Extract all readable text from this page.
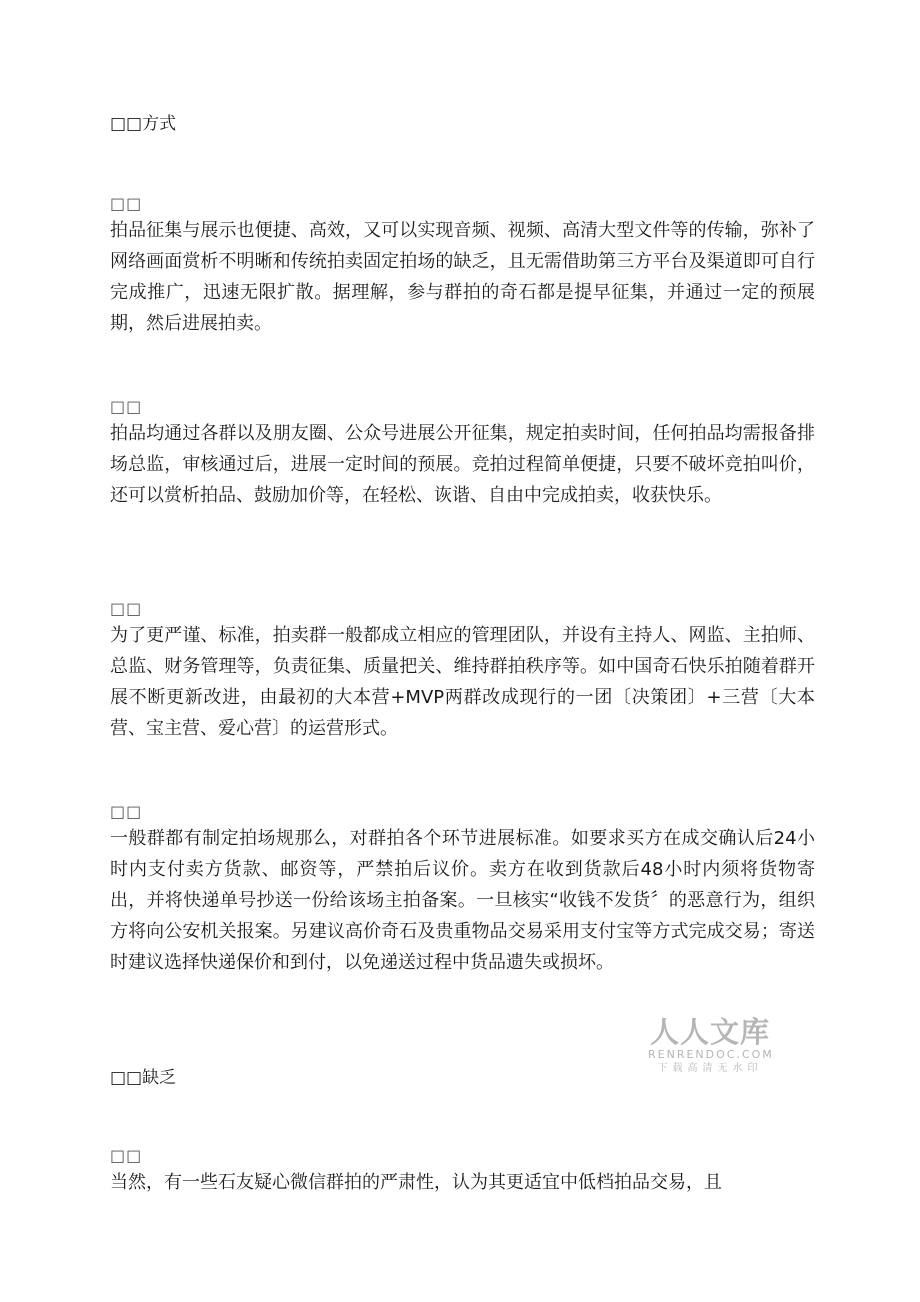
□□方式
□□

拍品征集与展示也便捷、高效，又可以实现音频、视频、高清大型文件等的传输，弥补了网络画面赏析不明晰和传统拍卖固定拍场的缺乏，且无需借助第三方平台及渠道即可自行完成推广，迅速无限扩散。据理解，参与群拍的奇石都是提早征集，并通过一定的预展期，然后进展拍卖。

□□

拍品均通过各群以及朋友圈、公众号进展公开征集，规定拍卖时间，任何拍品均需报备排场总监，审核通过后，进展一定时间的预展。竞拍过程简单便捷，只要不破坏竞拍叫价，还可以赏析拍品、鼓励加价等，在轻松、诙谐、自由中完成拍卖，收获快乐。

□□

为了更严谨、标准，拍卖群一般都成立相应的管理团队，并设有主持人、网监、主拍师、总监、财务管理等，负责征集、质量把关、维持群拍秩序等。如中国奇石快乐拍随着群开展不断更新改进，由最初的大本营+MVP两群改成现行的一团〔决策团〕+三营〔大本营、宝主营、爱心营〕的运营形式。

□□

一般群都有制定拍场规那么，对群拍各个环节进展标准。如要求买方在成交确认后24小时内支付卖方货款、邮资等，严禁拍后议价。卖方在收到货款后48小时内须将货物寄出，并将快递单号抄送一份给该场主拍备案。一旦核实“收钱不发货〞的恶意行为，组织方将向公安机关报案。另建议高价奇石及贵重物品交易采用支付宝等方式完成交易；寄送时建议选择快递保价和到付，以免递送过程中货品遗失或损坏。

人人文库
RENRENDOC.COM
下载高清无水印
□□缺乏
□□

当然，有一些石友疑心微信群拍的严肃性，认为其更适宜中低档拍品交易，且
